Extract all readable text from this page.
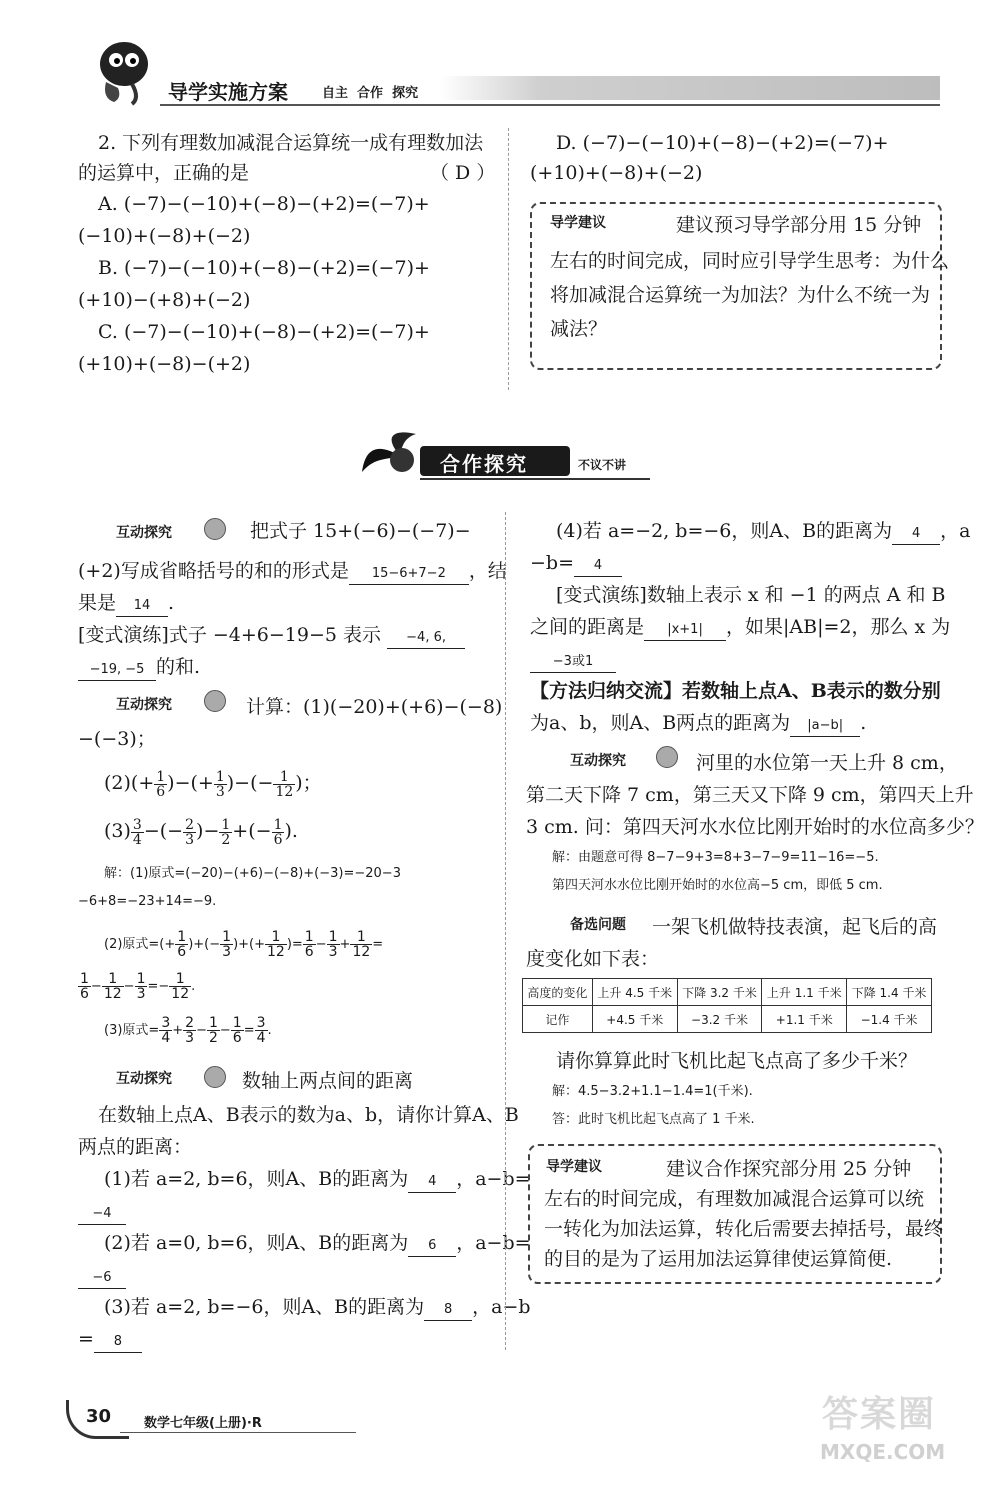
导学实施方案	自主  合作  探究
2. 下列有理数加减混合运算统一成有理数加法
的运算中，正确的是	（ D ）
A. (−7)−(−10)+(−8)−(+2)=(−7)+
(−10)+(−8)+(−2)
B. (−7)−(−10)+(−8)−(+2)=(−7)+
(+10)−(+8)+(−2)
C. (−7)−(−10)+(−8)−(+2)=(−7)+
(+10)+(−8)−(+2)
D. (−7)−(−10)+(−8)−(+2)=(−7)+
(+10)+(−8)+(−2)
导学建议	建议预习导学部分用 15 分钟
左右的时间完成，同时应引导学生思考：为什么
将加减混合运算统一为加法？为什么不统一为
减法？
合作探究	不议不讲
互动探究	把式子 15+(−6)−(−7)−
(+2)写成省略括号的和的形式是 15−6+7−2 ，结
果是 14 .
[变式演练]式子 −4+6−19−5 表示 −4, 6,
−19, −5 的和.
互动探究	计算：(1)(−20)+(+6)−(−8)
−(−3)；
$(2)(+ \frac{1}{6}$ )−(+ $\frac{1}{3}$ )−(− $\frac{1}{12}$ )；
$(3) \frac{3}{4}$ −(− $\frac{2}{3}$ )− $\frac{1}{2}$ +(− $\frac{1}{6}$ ).
解：(1)原式=(−20)−(+6)−(−8)+(−3)=−20−3
−6+8=−23+14=−9.
(2)原式=(+ $\frac{1}{6}$ )+(− $\frac{1}{3}$ )+(+ $\frac{1}{12}$ )= $\frac{1}{6} - \frac{1}{3} + \frac{1}{12}$ =
$\frac{1}{6} - \frac{1}{12} - \frac{1}{3} =- \frac{1}{12}$ .
(3)原式= $\frac{3}{4} + \frac{2}{3} - \frac{1}{2} - \frac{1}{6} = \frac{3}{4}$ .
互动探究	数轴上两点间的距离
在数轴上点A、B表示的数为a、b，请你计算A、B
两点的距离：
(1)若 a=2, b=6，则A、B的距离为 4 ，a−b=
−4
(2)若 a=0, b=6，则A、B的距离为 6 ，a−b=
−6
(3)若 a=2, b=−6，则A、B的距离为 8 ，a−b
= 8
(4)若 a=−2, b=−6，则A、B的距离为 4 ，a
−b= 4
[变式演练]数轴上表示 x 和 −1 的两点 A 和 B
之间的距离是 |x+1| ，如果|AB|=2，那么 x 为
−3或1
【方法归纳交流】若数轴上点A、B表示的数分别
为a、b，则A、B两点的距离为 |a−b| .
互动探究	河里的水位第一天上升 8 cm，
第二天下降 7 cm，第三天又下降 9 cm，第四天上升
3 cm. 问：第四天河水水位比刚开始时的水位高多少？
解：由题意可得 8−7−9+3=8+3−7−9=11−16=−5.
第四天河水水位比刚开始时的水位高−5 cm，即低 5 cm.
备选问题 一架飞机做特技表演，起飞后的高
度变化如下表：
高度的变化	上升 4.5 千米	下降 3.2 千米	上升 1.1 千米	下降 1.4 千米
记作	+4.5 千米	−3.2 千米	+1.1 千米	−1.4 千米
请你算算此时飞机比起飞点高了多少千米？
解：4.5−3.2+1.1−1.4=1(千米).
答：此时飞机比起飞点高了 1 千米.
导学建议	建议合作探究部分用 25 分钟
左右的时间完成，有理数加减混合运算可以统
一转化为加法运算，转化后需要去掉括号，最终
的目的是为了运用加法运算律使运算简便.
30	数学七年级(上册)·R	答案圈
MXQE.COM
